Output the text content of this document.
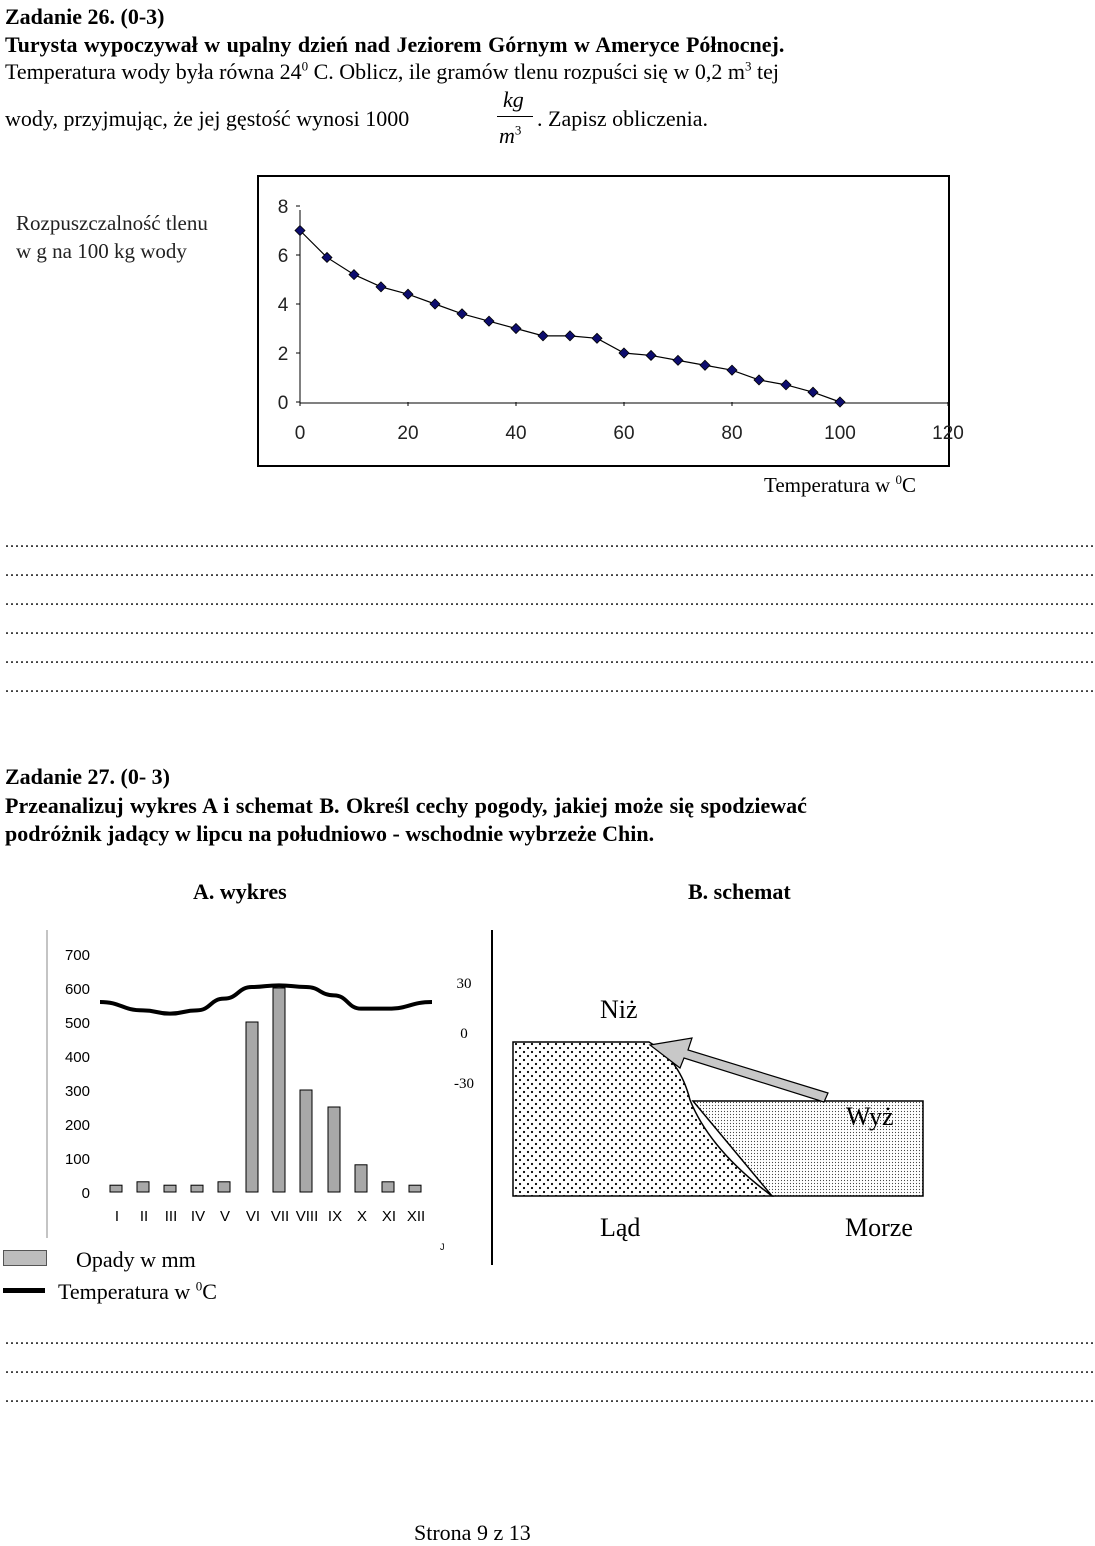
Zadanie 26. (0-3)
Turysta wypoczywał w upalny dzień nad Jeziorem Górnym w Ameryce Północnej.
Temperatura wody była równa $24^0$ C. Oblicz, ile gramów tlenu rozpuści się w 0,2 $m^3$ tej
wody, przyjmując, że jej gęstość wynosi 1000
kg
$m^3$ . Zapisz obliczenia.
Rozpuszczalność tlenu
w g na 100 kg wody
0
2
4
6
8
0	20	40	60	80	100	120
Temperatura w $^0$C
..........................................................................................................................................................................................................................
..........................................................................................................................................................................................................................
..........................................................................................................................................................................................................................
..........................................................................................................................................................................................................................
..........................................................................................................................................................................................................................
..........................................................................................................................................................................................................................
Zadanie 27. (0- 3)
Przeanalizuj wykres A i schemat B. Określ cechy pogody, jakiej może się spodziewać
podróżnik jadący w lipcu na południowo - wschodnie wybrzeże Chin.
A. wykres	B. schemat
0
100
200
300
400
500
600
700
I II III IV V VI VII VIII IX X XI XII
30
0
-30
J
Opady w mm
Temperatura w $^0$C
Niż
Wyż
Ląd	Morze
..........................................................................................................................................................................................................................
..........................................................................................................................................................................................................................
..........................................................................................................................................................................................................................
Strona 9 z 13
